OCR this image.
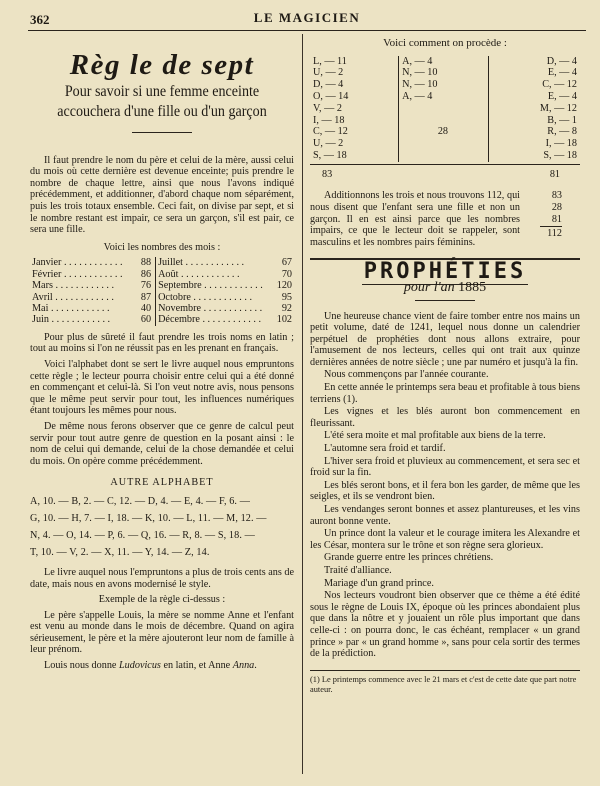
362	LE MAGICIEN
Règ le de sept
Pour savoir si une femme enceinte accouchera d'une fille ou d'un garçon

Il faut prendre le nom du père et celui de la mère, aussi celui du mois où cette dernière est devenue enceinte; puis prendre le nombre de chaque lettre, ainsi que nous l'avons indiqué précédemment, et additionner, d'abord chaque nom séparément, puis les trois totaux ensemble. Ceci fait, on divise par sept, et si le nombre restant est impair, ce sera un garçon, s'il est pair, ce sera une fille.

Voici les nombres des mois :

Janvier . . . . . . . . . . . .	88		Juillet . . . . . . . . . . . .	67
Février . . . . . . . . . . . .	86		Août . . . . . . . . . . . .	70
Mars . . . . . . . . . . . .	76		Septembre . . . . . . . . . . . .	120
Avril . . . . . . . . . . . .	87		Octobre . . . . . . . . . . . .	95
Mai . . . . . . . . . . . .	40		Novembre . . . . . . . . . . . .	92
Juin . . . . . . . . . . . .	60		Décembre . . . . . . . . . . . .	102

Pour plus de sûreté il faut prendre les trois noms en latin ; tout au moins si l'on ne réussit pas en les prenant en français.

Voici l'alphabet dont se sert le livre auquel nous empruntons cette règle ; le lecteur pourra choisir entre celui qui a été donné en commençant et celui-là. Si l'on veut notre avis, nous pensons que le même peut servir pour tout, les influences numériques étant toujours les mêmes pour nous.

De même nous ferons observer que ce genre de calcul peut servir pour tout autre genre de question en la posant ainsi : le nom de celui qui demande, celui de la chose demandée et celui du mois. On opère comme précédemment.

AUTRE ALPHABET
A, 10. — B, 2. — C, 12. — D, 4. — E, 4. — F, 6. —
G, 10. — H, 7. — I, 18. — K, 10. — L, 11. — M, 12. —
N, 4. — O, 14. — P, 6. — Q, 16. — R, 8. — S, 18. —
T, 10. — V, 2. — X, 11. — Y, 14. — Z, 14.

Le livre auquel nous l'empruntons a plus de trois cents ans de date, mais nous en avons modernisé le style.

Exemple de la règle ci-dessus :

Le père s'appelle Louis, la mère se nomme Anne et l'enfant est venu au monde dans le mois de décembre. Quand on agira sérieusement, le père et la mère ajouteront leur nom de famille à leur prénom.

Louis nous donne Ludovicus en latin, et Anne Anna.

Voici comment on procède :
L, — 11		A, — 4		D, — 4
U, — 2		N, — 10		E, — 4
D, — 4		N, — 10		C, — 12
O, — 14		A, — 4		E, — 4
V, — 2				M, — 12
I, — 18				B, — 1
C, — 12		28		R, — 8
U, — 2				I, — 18
S, — 18				S, — 18
83	81
Additionnons les trois et nous trouvons 112, qui nous disent que l'enfant sera une fille et non un garçon. Il en est ainsi parce que les nombres impairs, ce que le lecteur doit se rappeler, sont masculins et les nombres pairs féminins.
83
28
81
112
PROPHÉTIES
pour l'an 1885

Une heureuse chance vient de faire tomber entre nos mains un petit volume, daté de 1241, lequel nous donne un calendrier perpétuel de prophéties dont nous allons extraire, pour l'amusement de nos lecteurs, celles qui ont trait aux quinze dernières années de notre siècle ; une par numéro et jusqu'à la fin.

Nous commençons par l'année courante.

En cette année le printemps sera beau et profitable à tous biens terriens (1).

Les vignes et les blés auront bon commencement en fleurissant.

L'été sera moite et mal profitable aux biens de la terre.

L'automne sera froid et tardif.

L'hiver sera froid et pluvieux au commencement, et sera sec et froid sur la fin.

Les blés seront bons, et il fera bon les garder, de même que les seigles, et ils se vendront bien.

Les vendanges seront bonnes et assez plantureuses, et les vins auront bonne vente.

Un prince dont la valeur et le courage imitera les Alexandre et les César, montera sur le trône et son règne sera glorieux.

Grande guerre entre les princes chrétiens.

Traité d'alliance.

Mariage d'un grand prince.

Nos lecteurs voudront bien observer que ce thème a été édité sous le règne de Louis IX, époque où les princes abondaient plus que dans la nôtre et y jouaient un rôle plus important que dans celle-ci : on pourra donc, le cas échéant, remplacer « un grand prince » par « un grand homme », sans pour cela sortir des termes de la prédiction.

(1) Le printemps commence avec le 21 mars et c'est de cette date que part notre auteur.
